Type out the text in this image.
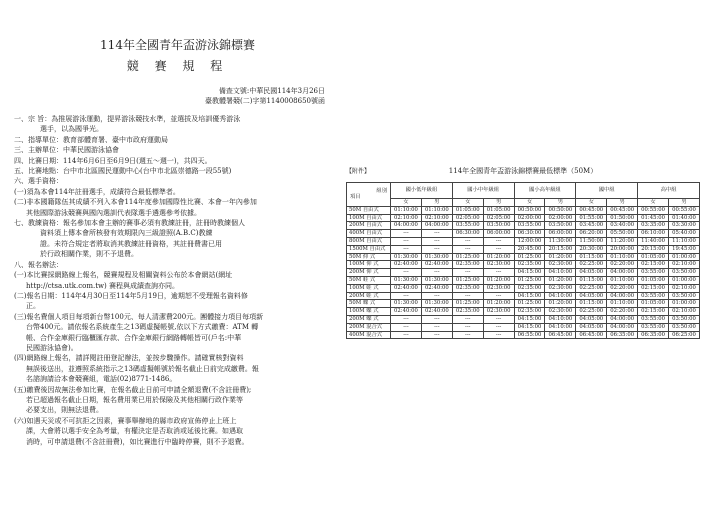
114年全國青年盃游泳錦標賽
競 賽 規 程
備查文號:中華民國114年3月26日
臺教體署競(二)字第1140008650號函

一、宗 旨：為推展游泳運動，提昇游泳競技水準，並選拔及培訓優秀游泳

選手，以為國爭光。

二、指導單位：教育部體育署、臺中市政府運動局

三、主辦單位：中華民國游泳協會

四、比賽日期：114年6月6日至6月9日(週五～週一)，共四天。

五、比賽地點：台中市北區國民運動中心(台中市北區崇德路一段55號)

六、選手資格：

(一)須為本會114年註冊選手，成績符合最低標準者。

(二)非本國籍隊伍其成績不列入本會114年度參加國際性比賽、本會一年內參加

其他國際游泳競賽與國內選訓代表隊選手遴選參考依據。

七、教練資格：報名參加本會主辦的賽事必須有教練註冊，註冊時教練個人

資料須上傳本會所核發有效期限內三級證照(A.B.C)教練

證。未符合規定者將取消其教練註冊資格，其註冊費書已用

於行政相關作業，則不予退費。

八、報名辦法：

(一)本比賽採網路線上報名，競賽規程及相關資料公布於本會網站(網址

http://ctsa.utk.com.tw) 賽程與成績查詢亦同。

(二)報名日期：114年4月30日至114年5月19日，逾期恕不受理報名資料修

正。

(三)報名費個人項目每項新台幣100元、每人清潔費200元。團體接力項目每項新

台幣400元。請依報名系統產生之13碼虛擬帳號,依以下方式繳費：ATM 轉

帳、合作金庫銀行臨櫃匯存款、合作金庫銀行網路轉帳皆可(戶名:中華

民國游泳協會)。

(四)網路線上報名，請詳閱註冊登記辦法，並按步驟操作。請確實核對資料

無誤後送出，並遵照系統指示之13碼虛擬帳號於報名截止日前完成繳費。報

名諮詢請洽本會競賽組，電話(02)8771-1486。

(五)繳費後因故無法參加比賽，在報名截止日前可申請全額退費(不含註冊費);

若已超過報名截止日期，報名費用業已用於保險及其他相關行政作業等

必要支出，則無法退費。

(六)如遇天災或不可抗拒之因素，賽事舉辦地的縣市政府宣佈停止上班上

課，大會將以選手安全為考量，有權決定是否取消或延後比賽。如遇取

消時，可申請退費(不含註冊費)，如比賽進行中臨時停賽，則不予退費。

【附件】	114年全國青年盃游泳錦標賽最低標準（50M）
組別
項目	國小低年級組		國小中年級組		國小高年級組		國中組		高中組	
	女	男	女	男	女	男	女	男	女	男
50M 自由式	01:10:00	01:10:00	01:05:00	01:05:00	00:50:00	00:50:00	00:45:00	00:45:00	00:55:00	00:55:00
100M 自由式	02:10:00	02:10:00	02:05:00	02:05:00	02:00:00	02:00:00	01:55:00	01:50:00	01:45:00	01:40:00
200M 自由式	04:00:00	04:00:00	03:55:00	03:50:00	03:55:00	03:50:00	03:45:00	03:40:00	03:35:00	03:30:00
400M 自由式	---	---	06:30:00	06:00:00	06:30:00	06:00:00	06:20:00	05:50:00	06:10:00	05:40:00
800M 自由式	---	---	---	---	12:00:00	11:30:00	11:50:00	11:20:00	11:40:00	11:10:00
1500M 自由式	---	---	---	---	20:45:00	20:15:00	20:30:00	20:00:00	20:15:00	19:45:00
50M 仰 式	01:30:00	01:30:00	01:25:00	01:20:00	01:25:00	01:20:00	01:15:00	01:10:00	01:05:00	01:00:00
100M 仰 式	02:40:00	02:40:00	02:35:00	02:30:00	02:35:00	02:30:00	02:25:00	02:20:00	02:15:00	02:10:00
200M 仰 式	---	---	---	---	04:15:00	04:10:00	04:05:00	04:00:00	03:55:00	03:50:00
50M 蛙 式	01:30:00	01:30:00	01:25:00	01:20:00	01:25:00	01:20:00	01:15:00	01:10:00	01:05:00	01:00:00
100M 蛙 式	02:40:00	02:40:00	02:35:00	02:30:00	02:35:00	02:30:00	02:25:00	02:20:00	02:15:00	02:10:00
200M 蛙 式	---	---	---	---	04:15:00	04:10:00	04:05:00	04:00:00	03:55:00	03:50:00
50M 蝶 式	01:30:00	01:30:00	01:25:00	01:20:00	01:25:00	01:20:00	01:15:00	01:10:00	01:05:00	01:00:00
100M 蝶 式	02:40:00	02:40:00	02:35:00	02:30:00	02:35:00	02:30:00	02:25:00	02:20:00	02:15:00	02:10:00
200M 蝶 式	---	---	---	---	04:15:00	04:10:00	04:05:00	04:00:00	03:55:00	03:50:00
200M 混合式	---	---	---	---	04:15:00	04:10:00	04:05:00	04:00:00	03:55:00	03:50:00
400M 混合式	---	---	---	---	06:55:00	06:45:00	06:45:00	06:35:00	06:35:00	06:25:00
